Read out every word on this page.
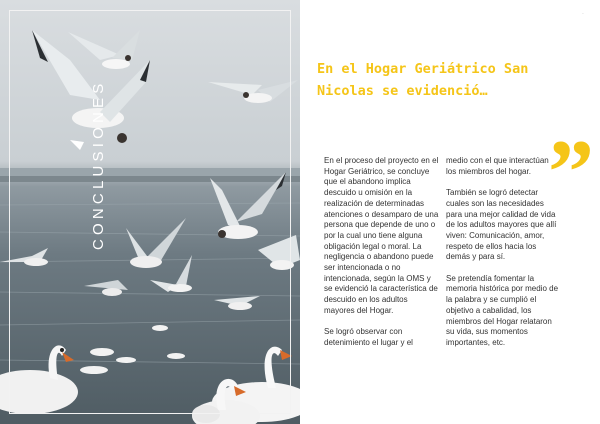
CONCLUSIONES
·
En el Hogar Geriátrico San Nicolas se evidenció…
”

En el proceso del proyecto en el Hogar Geriátrico, se concluye que el abandono implica descuido u omisión en la realización de determinadas atenciones o desamparo de una persona que depende de uno o por la cual uno tiene alguna obligación legal o moral. La negligencia o abandono puede ser intencionada o no intencionada, según la OMS y se evidenció la característica de descuido en los adultos mayores del Hogar.

Se logró observar con detenimiento el lugar y el

medio con el que interactúan los miembros del hogar.

También se logró detectar cuales son las necesidades para una mejor calidad de vida de los adultos mayores que allí viven: Comunicación, amor, respeto de ellos hacia los demás y para sí.

Se pretendía fomentar la memoria histórica por medio de la palabra y se cumplió el objetivo a cabalidad, los miembros del Hogar relataron su vida, sus momentos importantes, etc.
